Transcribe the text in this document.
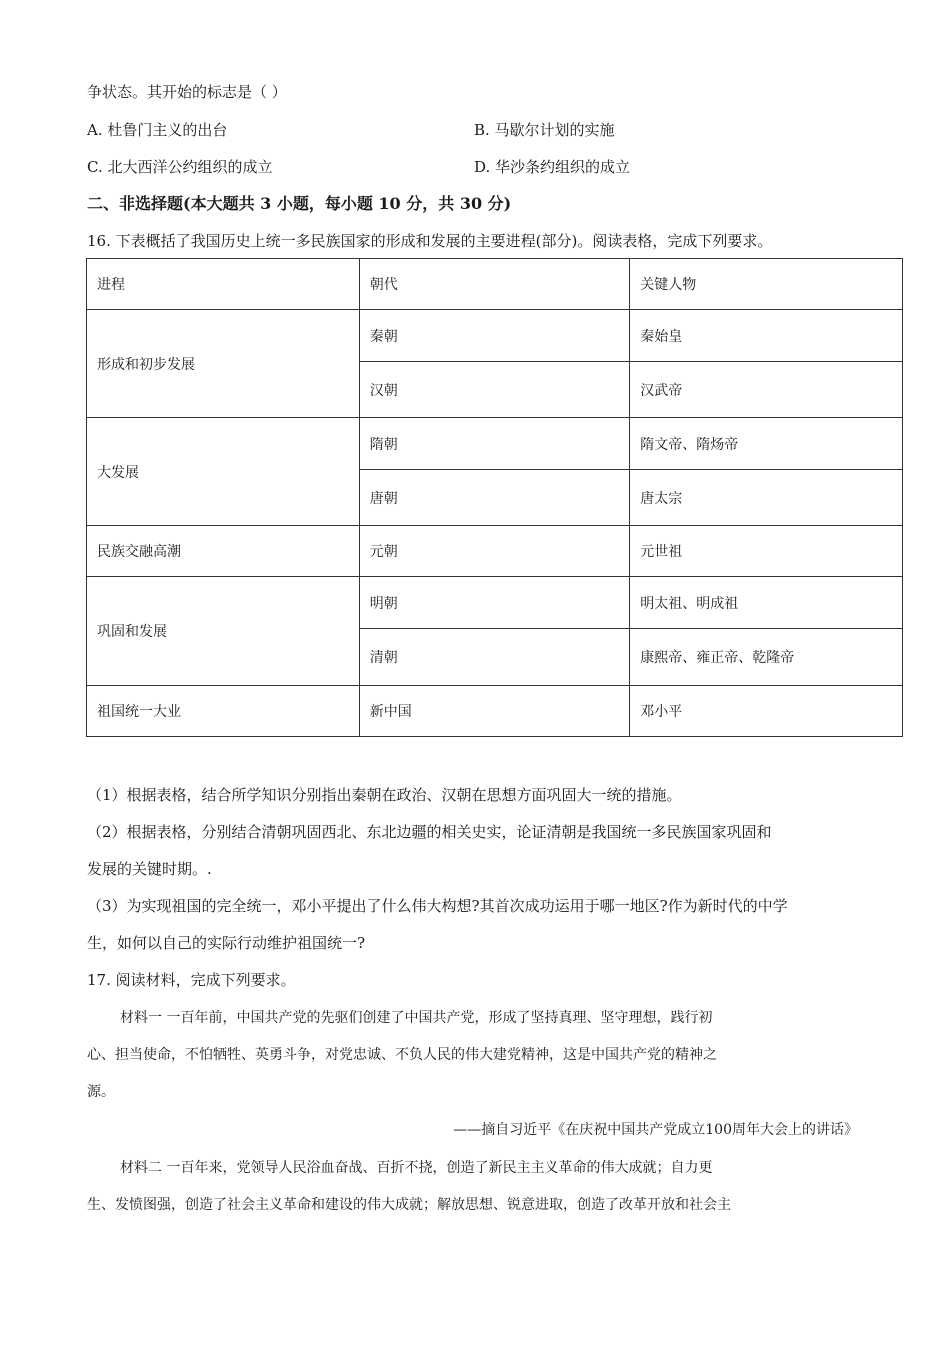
争状态。其开始的标志是（ ）
A. 杜鲁门主义的出台	B. 马歇尔计划的实施
C. 北大西洋公约组织的成立	D. 华沙条约组织的成立
二、非选择题(本大题共 3 小题，每小题 10 分，共 30 分)
16. 下表概括了我国历史上统一多民族国家的形成和发展的主要进程(部分)。阅读表格，完成下列要求。
进程	朝代	关键人物
形成和初步发展	秦朝	秦始皇
	汉朝	汉武帝
大发展	隋朝	隋文帝、隋炀帝
	唐朝	唐太宗
民族交融高潮	元朝	元世祖
巩固和发展	明朝	明太祖、明成祖
	清朝	康熙帝、雍正帝、乾隆帝
祖国统一大业	新中国	邓小平
（1）根据表格，结合所学知识分别指出秦朝在政治、汉朝在思想方面巩固大一统的措施。
（2）根据表格，分别结合清朝巩固西北、东北边疆的相关史实，论证清朝是我国统一多民族国家巩固和
发展的关键时期。.
（3）为实现祖国的完全统一，邓小平提出了什么伟大构想?其首次成功运用于哪一地区?作为新时代的中学
生，如何以自己的实际行动维护祖国统一?
17. 阅读材料，完成下列要求。
材料一 一百年前，中国共产党的先驱们创建了中国共产党，形成了坚持真理、坚守理想，践行初
心、担当使命，不怕牺牲、英勇斗争，对党忠诚、不负人民的伟大建党精神，这是中国共产党的精神之
源。
——摘自习近平《在庆祝中国共产党成立100周年大会上的讲话》
材料二 一百年来，党领导人民浴血奋战、百折不挠，创造了新民主主义革命的伟大成就；自力更
生、发愤图强，创造了社会主义革命和建设的伟大成就；解放思想、锐意进取，创造了改革开放和社会主
